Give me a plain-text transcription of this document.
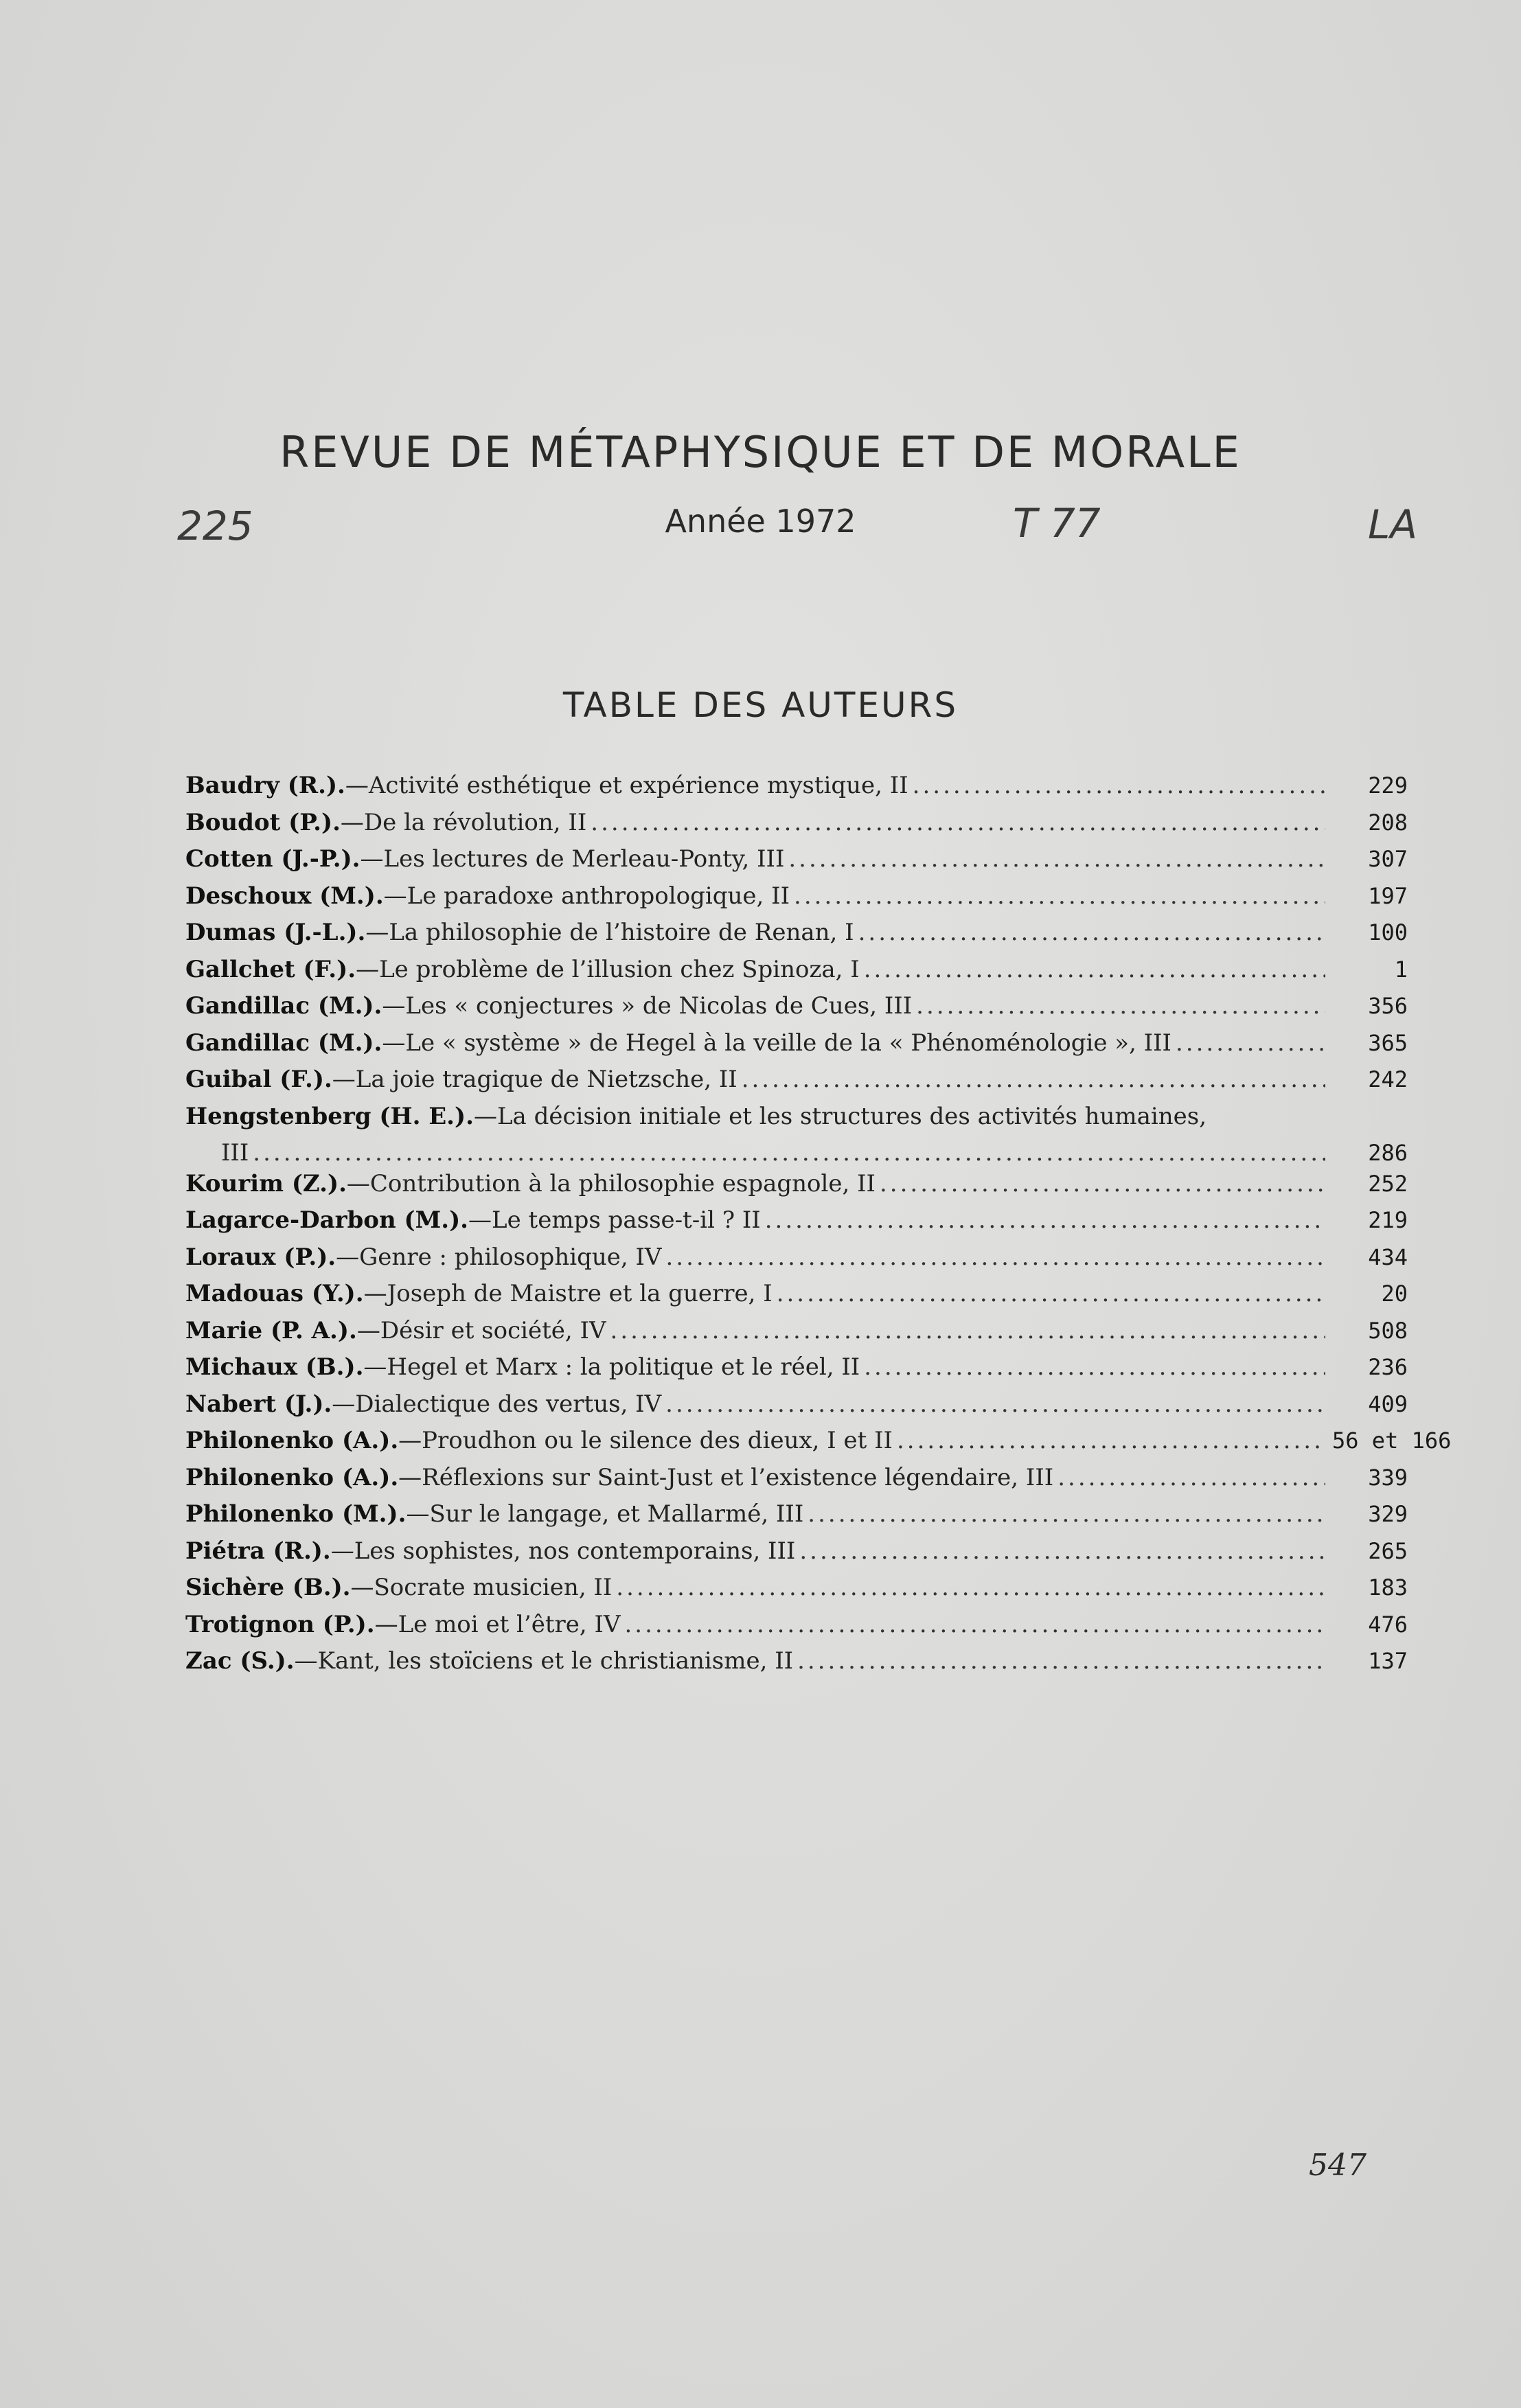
REVUE DE MÉTAPHYSIQUE ET DE MORALE
225	Année 1972	T 77	LA
TABLE DES AUTEURS
Baudry (R.). — Activité esthétique et expérience mystique, II .....	229
Boudot (P.). — De la révolution, II .....	208
Cotten (J.-P.). — Les lectures de Merleau-Ponty, III .....	307
Deschoux (M.). — Le paradoxe anthropologique, II .....	197
Dumas (J.-L.). — La philosophie de l’histoire de Renan, I .....	100
Gallchet (F.). — Le problème de l’illusion chez Spinoza, I .....	1
Gandillac (M.). — Les « conjectures » de Nicolas de Cues, III .....	356
Gandillac (M.). — Le « système » de Hegel à la veille de la « Phénoménologie », III .....	365
Guibal (F.). — La joie tragique de Nietzsche, II .....	242
Hengstenberg (H. E.). — La décision initiale et les structures des activités humaines,
III .....	286
Kourim (Z.). — Contribution à la philosophie espagnole, II .....	252
Lagarce-Darbon (M.). — Le temps passe-t-il ? II .....	219
Loraux (P.). — Genre : philosophique, IV .....	434
Madouas (Y.). — Joseph de Maistre et la guerre, I .....	20
Marie (P. A.). — Désir et société, IV .....	508
Michaux (B.). — Hegel et Marx : la politique et le réel, II .....	236
Nabert (J.). — Dialectique des vertus, IV .....	409
Philonenko (A.). — Proudhon ou le silence des dieux, I et II .....	56 et 166
Philonenko (A.). — Réflexions sur Saint-Just et l’existence légendaire, III .....	339
Philonenko (M.). — Sur le langage, et Mallarmé, III .....	329
Piétra (R.). — Les sophistes, nos contemporains, III .....	265
Sichère (B.). — Socrate musicien, II .....	183
Trotignon (P.). — Le moi et l’être, IV .....	476
Zac (S.). — Kant, les stoïciens et le christianisme, II .....	137
547
